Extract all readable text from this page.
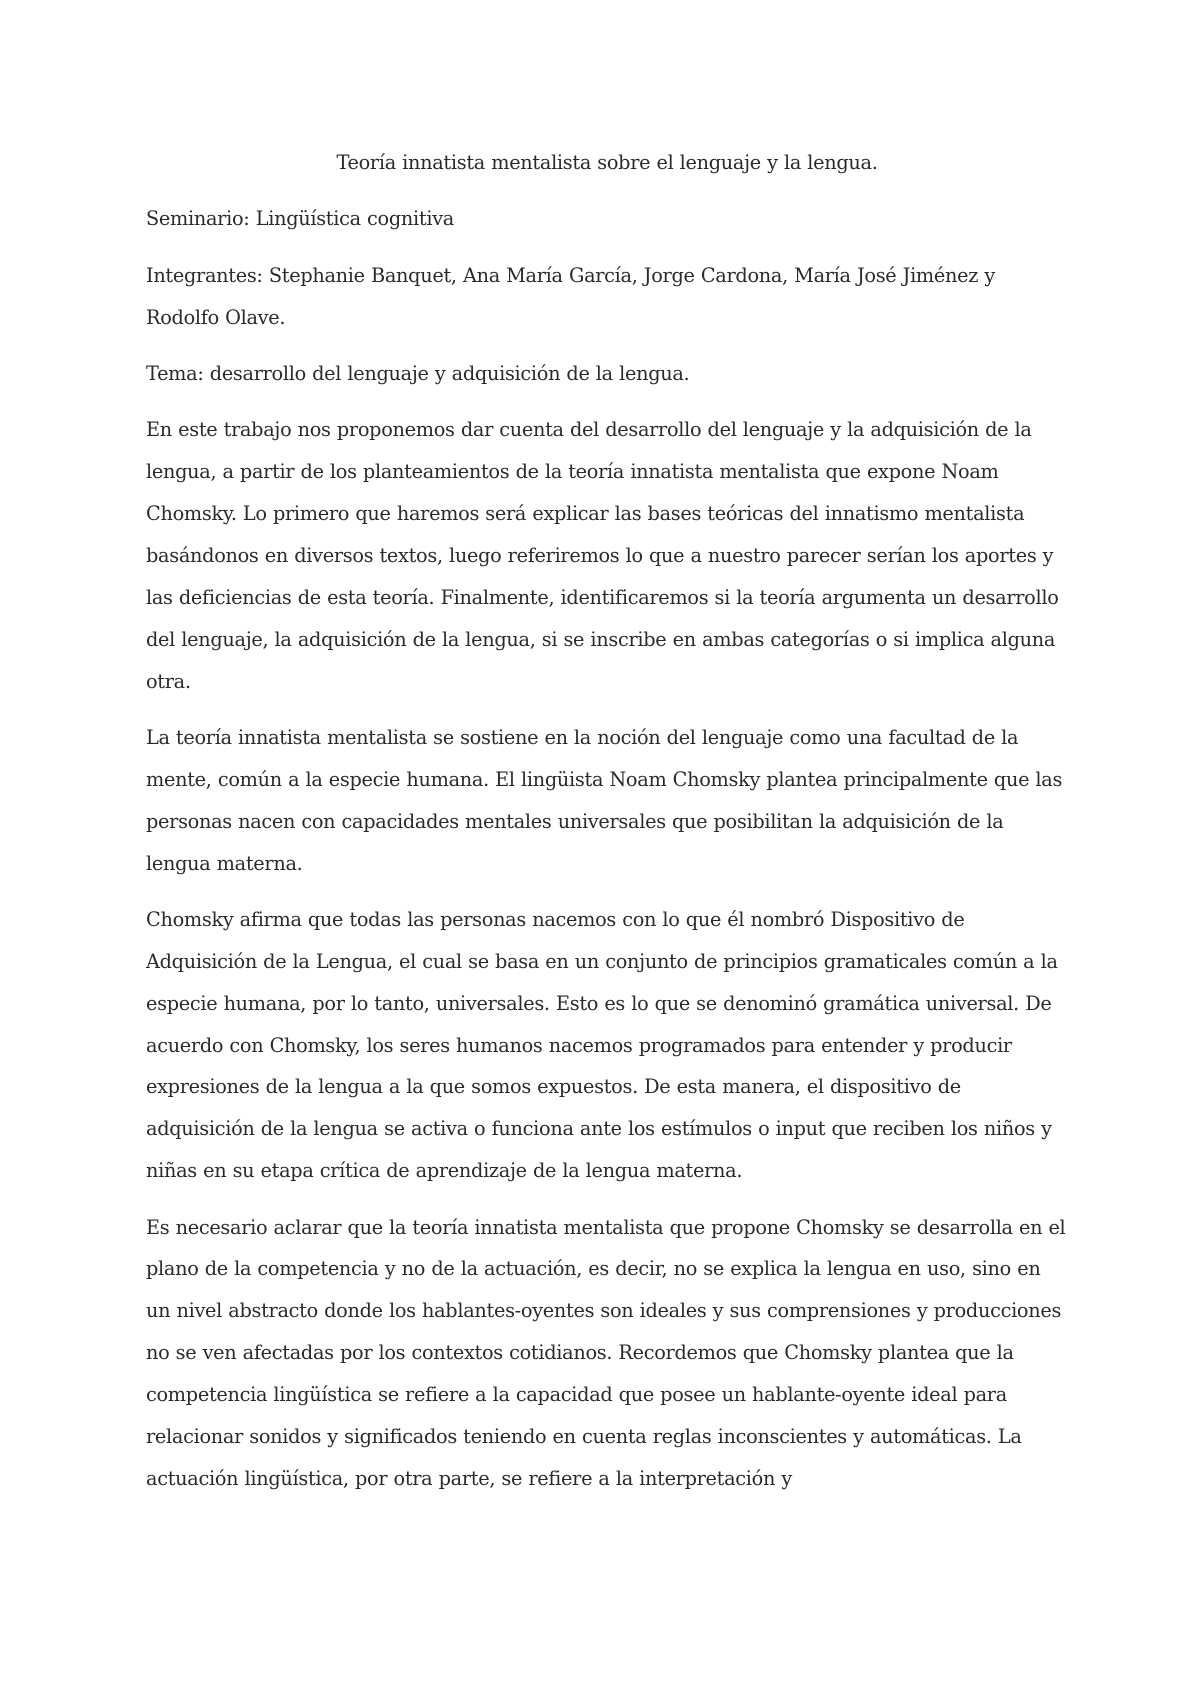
Teoría innatista mentalista sobre el lenguaje y la lengua.

Seminario: Lingüística cognitiva

Integrantes: Stephanie Banquet, Ana María García, Jorge Cardona, María José Jiménez y Rodolfo Olave.

Tema: desarrollo del lenguaje y adquisición de la lengua.

En este trabajo nos proponemos dar cuenta del desarrollo del lenguaje y la adquisición de la lengua, a partir de los planteamientos de la teoría innatista mentalista que expone Noam Chomsky. Lo primero que haremos será explicar las bases teóricas del innatismo mentalista basándonos en diversos textos, luego referiremos lo que a nuestro parecer serían los aportes y las deficiencias de esta teoría. Finalmente, identificaremos si la teoría argumenta un desarrollo del lenguaje, la adquisición de la lengua, si se inscribe en ambas categorías o si implica alguna otra.

La teoría innatista mentalista se sostiene en la noción del lenguaje como una facultad de la mente, común a la especie humana. El lingüista Noam Chomsky plantea principalmente que las personas nacen con capacidades mentales universales que posibilitan la adquisición de la lengua materna.

Chomsky afirma que todas las personas nacemos con lo que él nombró Dispositivo de Adquisición de la Lengua, el cual se basa en un conjunto de principios gramaticales común a la especie humana, por lo tanto, universales. Esto es lo que se denominó gramática universal. De acuerdo con Chomsky, los seres humanos nacemos programados para entender y producir expresiones de la lengua a la que somos expuestos. De esta manera, el dispositivo de adquisición de la lengua se activa o funciona ante los estímulos o input que reciben los niños y niñas en su etapa crítica de aprendizaje de la lengua materna.

Es necesario aclarar que la teoría innatista mentalista que propone Chomsky se desarrolla en el plano de la competencia y no de la actuación, es decir, no se explica la lengua en uso, sino en un nivel abstracto donde los hablantes-oyentes son ideales y sus comprensiones y producciones no se ven afectadas por los contextos cotidianos. Recordemos que Chomsky plantea que la competencia lingüística se refiere a la capacidad que posee un hablante-oyente ideal para relacionar sonidos y significados teniendo en cuenta reglas inconscientes y automáticas. La actuación lingüística, por otra parte, se refiere a la interpretación y
